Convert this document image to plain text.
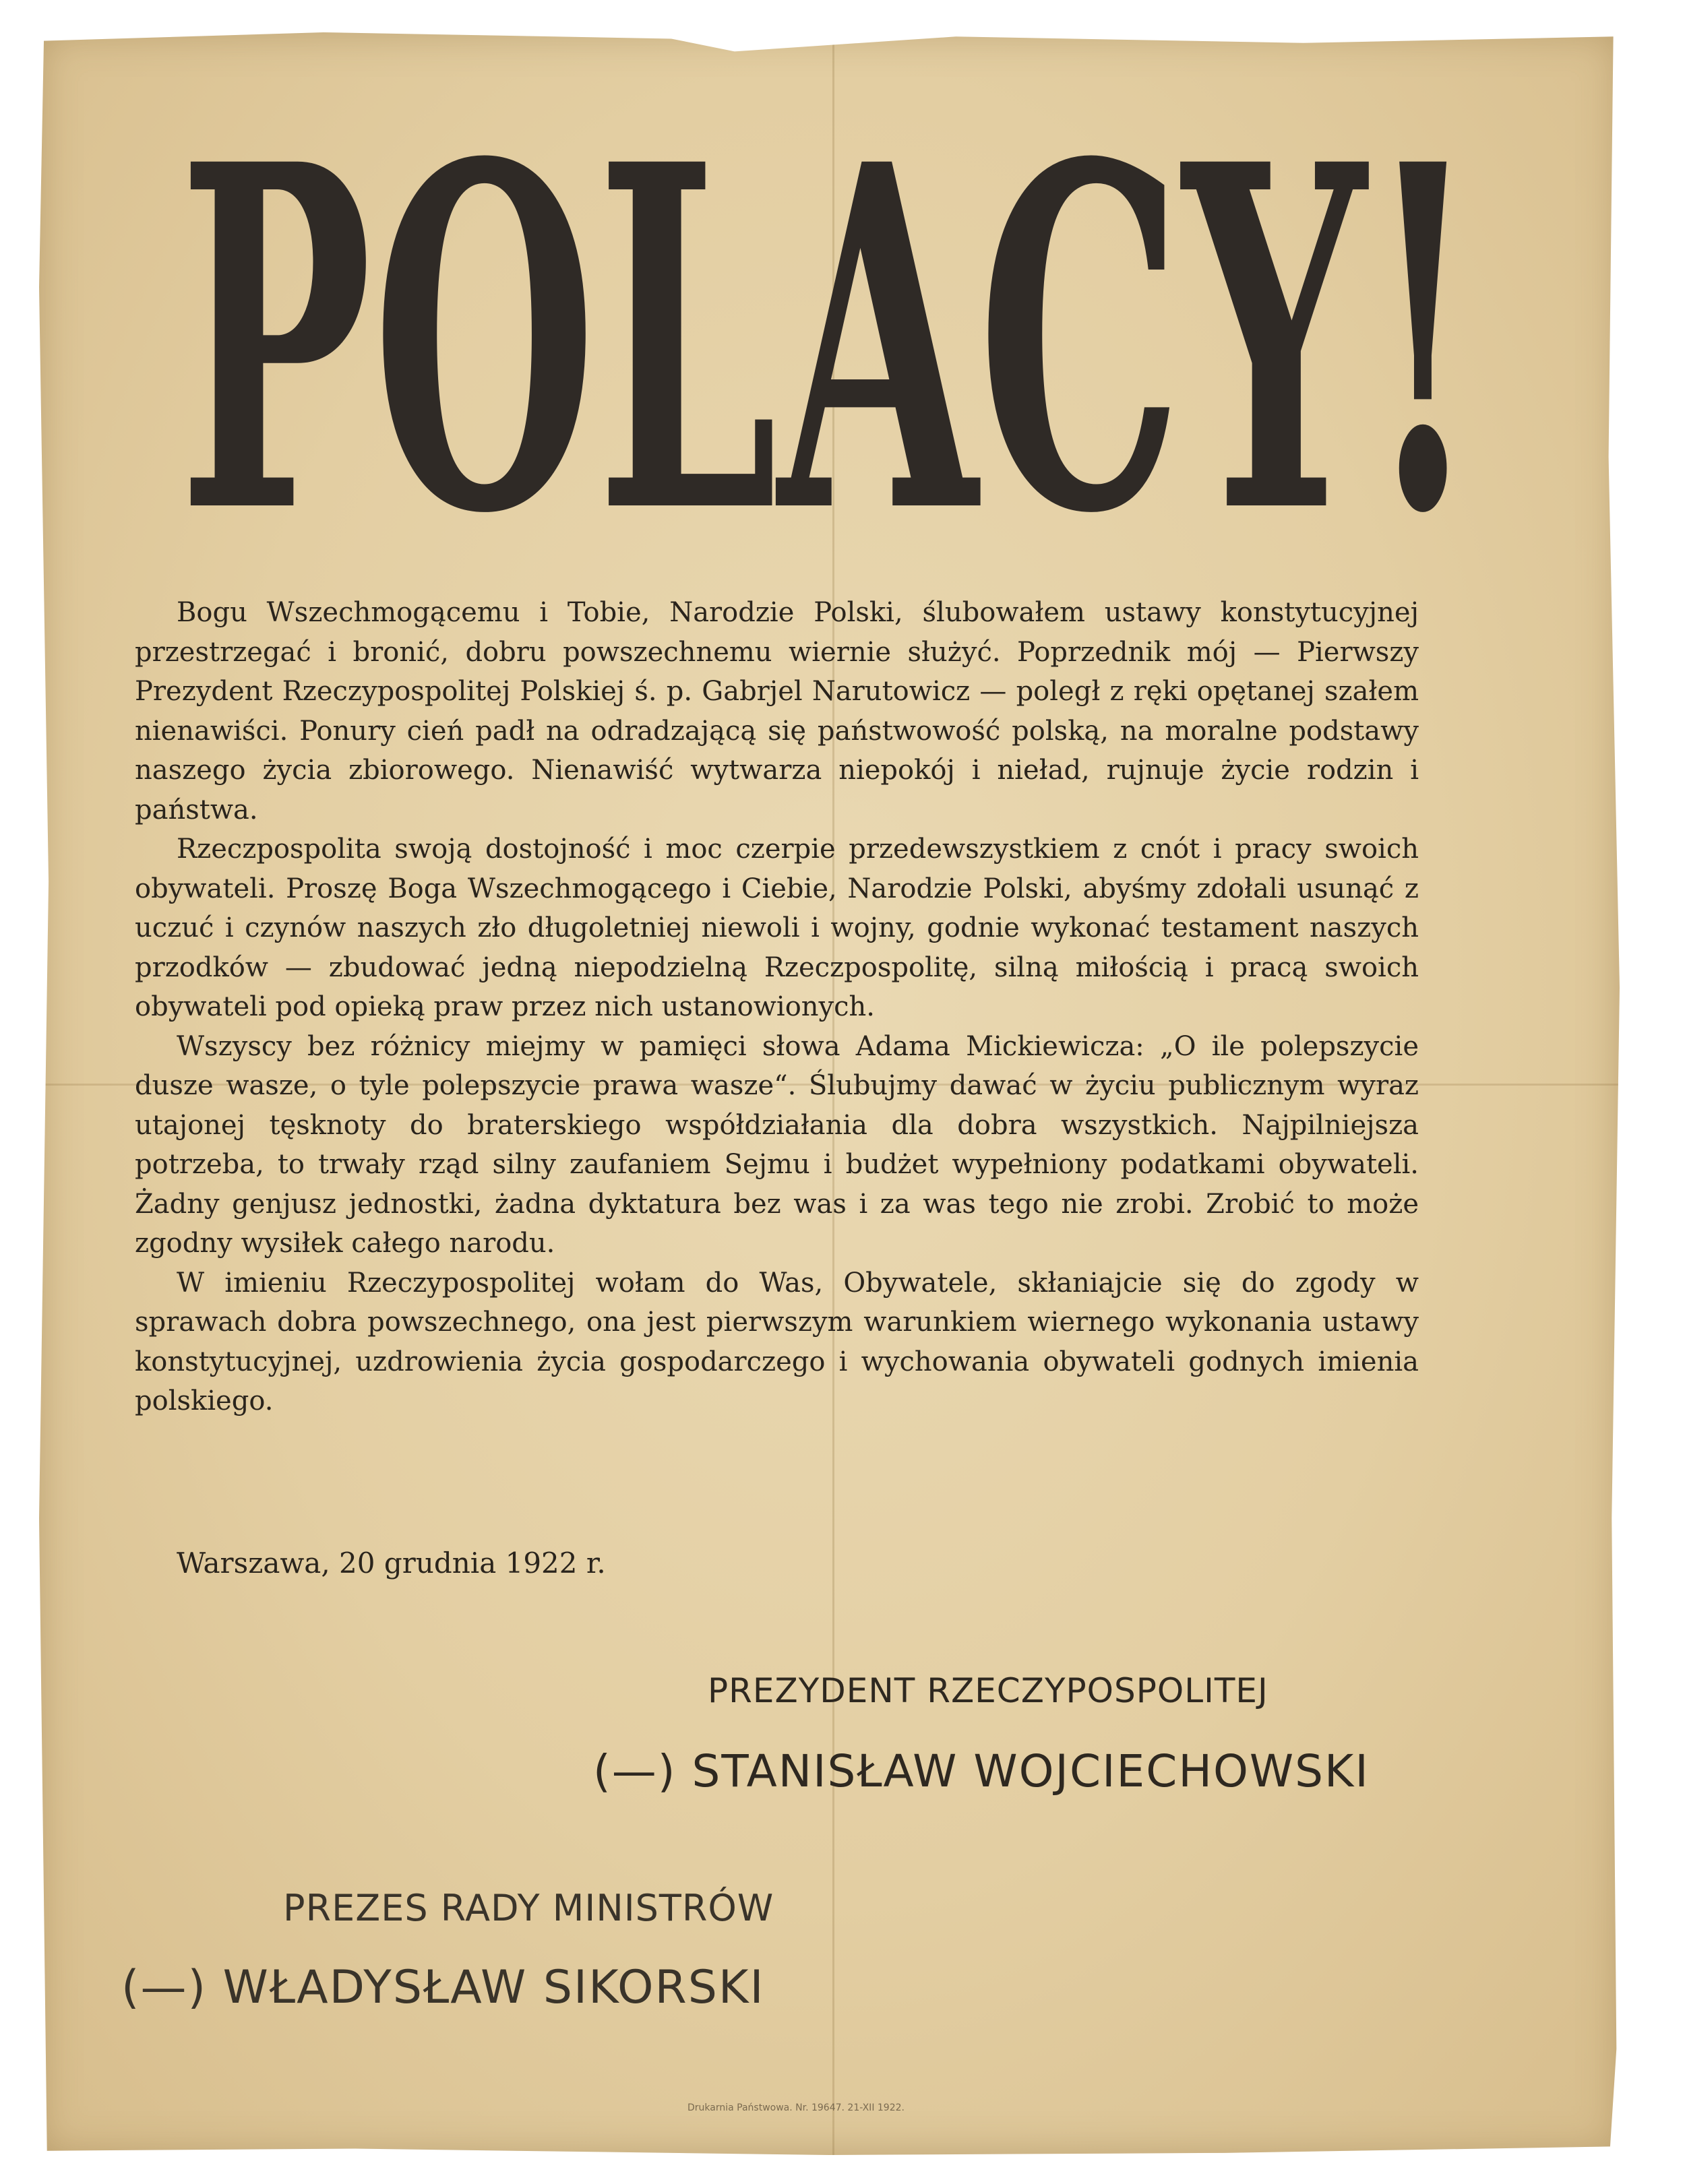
POLACY!

Bogu Wszechmogącemu i Tobie, Narodzie Polski, ślubowałem ustawy konstytucyjnej przestrzegać i bronić, dobru powszechnemu wiernie służyć. Poprzednik mój — Pierwszy Prezydent Rzeczypospolitej Polskiej ś. p. Gabrjel Narutowicz — poległ z ręki opętanej szałem nienawiści. Ponury cień padł na odradzającą się państwowość polską, na moralne podstawy naszego życia zbiorowego. Nienawiść wytwarza niepokój i nieład, rujnuje życie rodzin i państwa.

Rzeczpospolita swoją dostojność i moc czerpie przedewszystkiem z cnót i pracy swoich obywateli. Proszę Boga Wszechmogącego i Ciebie, Narodzie Polski, abyśmy zdołali usunąć z uczuć i czynów naszych zło długoletniej niewoli i wojny, godnie wykonać testament naszych przodków — zbudować jedną niepodzielną Rzeczpospolitę, silną miłością i pracą swoich obywateli pod opieką praw przez nich ustanowionych.

Wszyscy bez różnicy miejmy w pamięci słowa Adama Mickiewicza: „O ile polepszycie dusze wasze, o tyle polepszycie prawa wasze“. Ślubujmy dawać w życiu publicznym wyraz utajonej tęsknoty do braterskiego współdziałania dla dobra wszystkich. Najpilniejsza potrzeba, to trwały rząd silny zaufaniem Sejmu i budżet wypełniony podatkami obywateli. Żadny genjusz jednostki, żadna dyktatura bez was i za was tego nie zrobi. Zrobić to może zgodny wysiłek całego narodu.

W imieniu Rzeczypospolitej wołam do Was, Obywatele, skłaniajcie się do zgody w sprawach dobra powszechnego, ona jest pierwszym warunkiem wiernego wykonania ustawy konstytucyjnej, uzdrowienia życia gospodarczego i wychowania obywateli godnych imienia polskiego.

Warszawa, 20 grudnia 1922 r.
PREZYDENT RZECZYPOSPOLITEJ
(—) STANISŁAW WOJCIECHOWSKI
PREZES RADY MINISTRÓW
(—) WŁADYSŁAW SIKORSKI
Drukarnia Państwowa. Nr. 19647. 21-XII 1922.
